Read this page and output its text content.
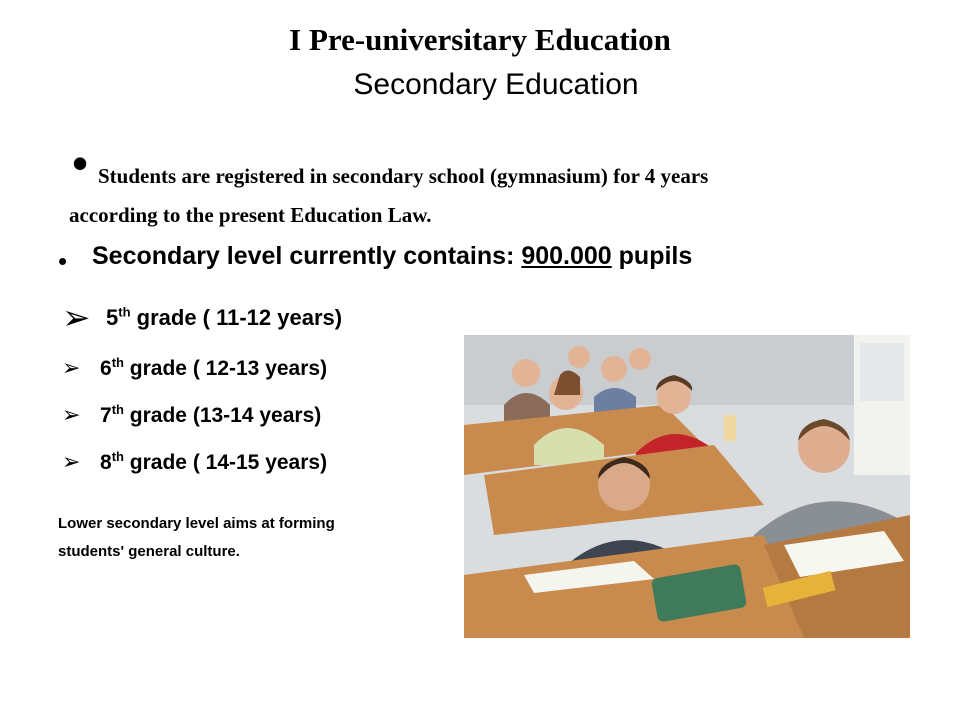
I Pre-universitary Education
Secondary Education
• Students are registered in secondary school (gymnasium) for 4 years
according to the present Education Law.
• Secondary level currently contains: 900.000 pupils
➢ 5th grade ( 11-12 years)
➢ 6th grade ( 12-13 years)
➢ 7th grade (13-14 years)
➢ 8th grade ( 14-15 years)
Lower secondary level aims at forming
students' general culture.
